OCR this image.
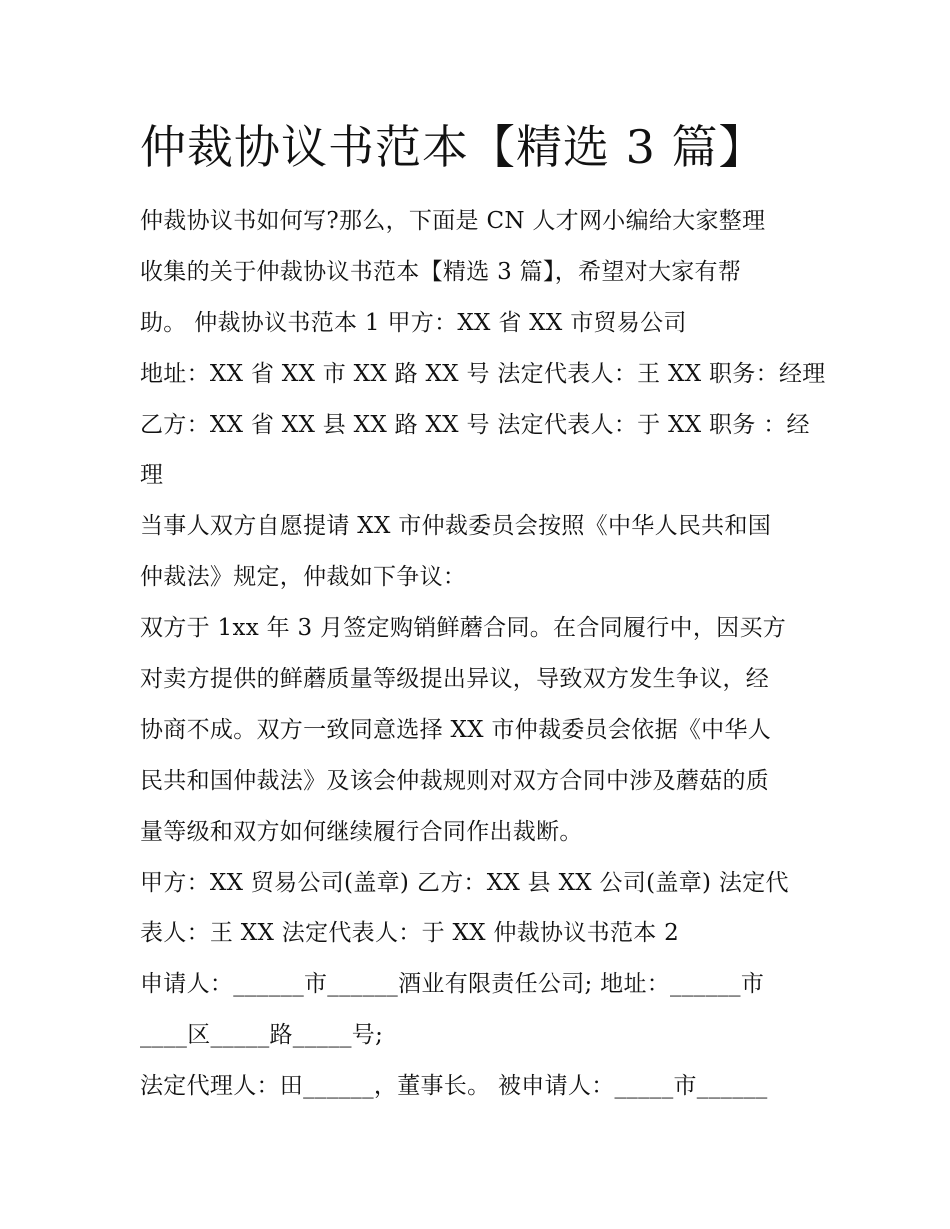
仲裁协议书范本【精选 3 篇】
仲裁协议书如何写?那么，下面是 CN 人才网小编给大家整理
收集的关于仲裁协议书范本【精选 3 篇】，希望对大家有帮
助。 仲裁协议书范本 1 甲方：XX 省 XX 市贸易公司
地址：XX 省 XX 市 XX 路 XX 号 法定代表人：王 XX 职务：经理
乙方：XX 省 XX 县 XX 路 XX 号 法定代表人：于 XX 职务 ：经
理
当事人双方自愿提请 XX 市仲裁委员会按照《中华人民共和国
仲裁法》规定，仲裁如下争议：
双方于 1xx 年 3 月签定购销鲜蘑合同。在合同履行中，因买方
对卖方提供的鲜蘑质量等级提出异议，导致双方发生争议，经
协商不成。双方一致同意选择 XX 市仲裁委员会依据《中华人
民共和国仲裁法》及该会仲裁规则对双方合同中涉及蘑菇的质
量等级和双方如何继续履行合同作出裁断。
甲方：XX 贸易公司(盖章) 乙方：XX 县 XX 公司(盖章) 法定代
表人：王 XX 法定代表人：于 XX 仲裁协议书范本 2
申请人：______市______酒业有限责任公司; 地址：______市
____区_____路_____号;
法定代理人：田______，董事长。 被申请人：_____市______
